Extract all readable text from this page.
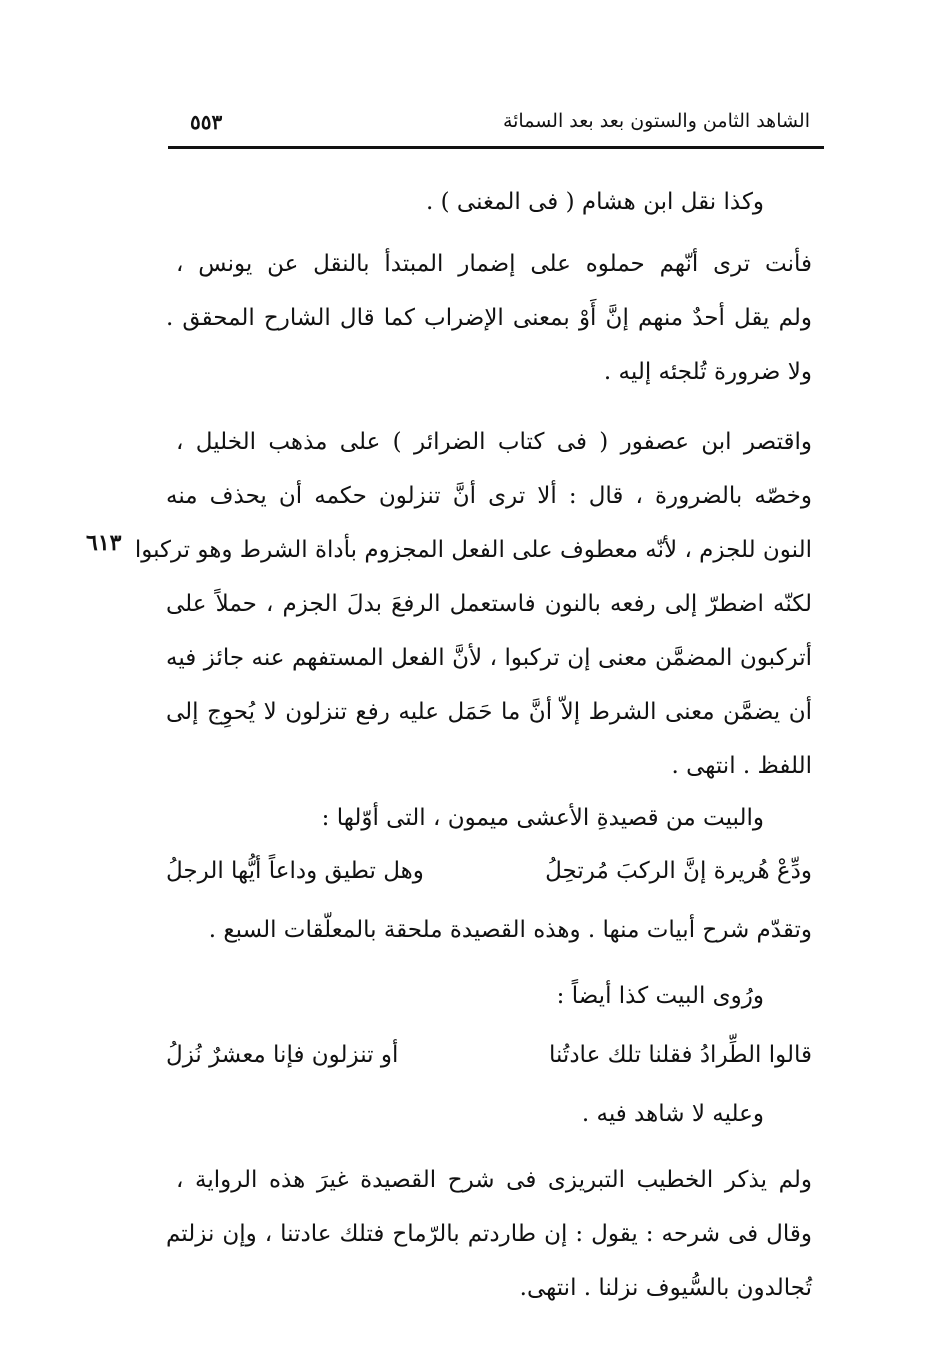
الشاهد الثامن والستون بعد بعد السمائة
٥٥٣
٦١٣
وكذا نقل ابن هشام ( فى المغنى ) .
فأنت ترى أنّهم حملوه على إضمار المبتدأ بالنقل عن يونس ،
ولم يقل أحدٌ منهم إنَّ أَوْ بمعنى الإضراب كما قال الشارح المحقق .
ولا ضرورة تُلجئه إليه .
واقتصر ابن عصفور ( فى كتاب الضرائر ) على مذهب الخليل ،
وخصّه بالضرورة ، قال : ألا ترى أنَّ تنزلون حكمه أن يحذف منه
النون للجزم ، لأنّه معطوف على الفعل المجزوم بأداة الشرط وهو تركبوا
لكنّه اضطرّ إلى رفعه بالنون فاستعمل الرفعَ بدلَ الجزم ، حملاً على
أتركبون المضمَّن معنى إن تركبوا ، لأنَّ الفعل المستفهم عنه جائز فيه
أن يضمَّن معنى الشرط إلاّ أنَّ ما حَمَل عليه رفع تنزلون لا يُحوِج إلى
اللفظ . انتهى .
والبيت من قصيدةِ الأعشى ميمون ، التى أوّلها :
ودِّعْ هُريرة إنَّ الركبَ مُرتحِلُ
وهل تطيق وداعاً أيُّها الرجلُ
وتقدّم شرح أبيات منها . وهذه القصيدة ملحقة بالمعلّقات السبع .
ورُوى البيت كذا أيضاً :
قالوا الطِّرادُ فقلنا تلك عادتُنا
أو تنزلون فإنا معشرٌ نُزلُ
وعليه لا شاهد فيه .
ولم يذكر الخطيب التبريزى فى شرح القصيدة غيرَ هذه الرواية ،
وقال فى شرحه : يقول : إن طاردتم بالرّماح فتلك عادتنا ، وإن نزلتم
تُجالدون بالسُّيوف نزلنا . انتهى.
